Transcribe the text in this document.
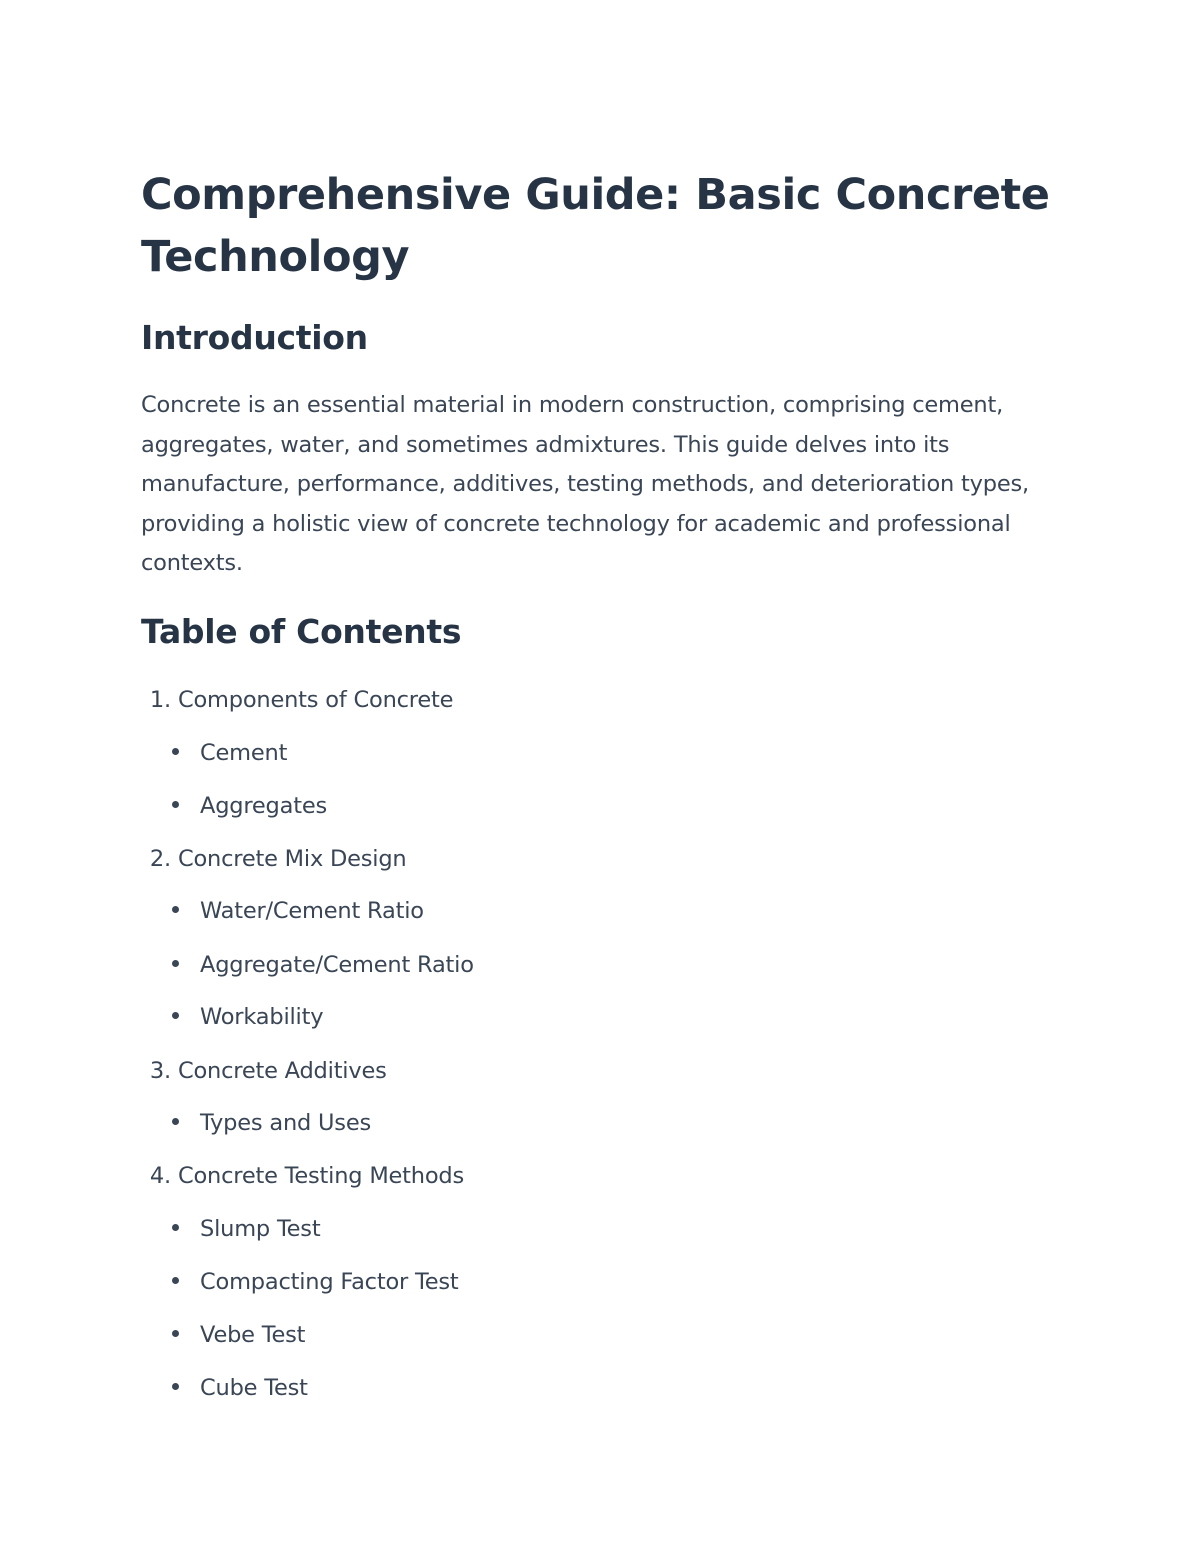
Comprehensive Guide: Basic Concrete Technology
Introduction

Concrete is an essential material in modern construction, comprising cement, aggregates, water, and sometimes admixtures. This guide delves into its manufacture, performance, additives, testing methods, and deterioration types, providing a holistic view of concrete technology for academic and professional contexts.

Table of Contents
1. Components of Concrete
Cement
Aggregates
2. Concrete Mix Design
Water/Cement Ratio
Aggregate/Cement Ratio
Workability
3. Concrete Additives
Types and Uses
4. Concrete Testing Methods
Slump Test
Compacting Factor Test
Vebe Test
Cube Test
